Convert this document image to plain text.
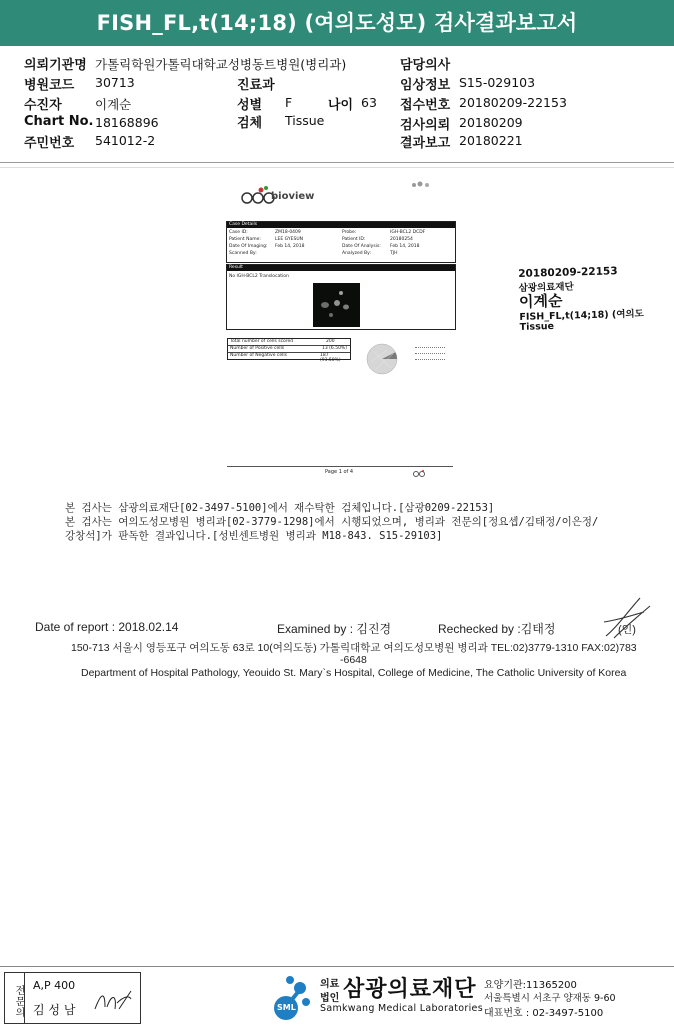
FISH_FL,t(14;18) (여의도성모) 검사결과보고서
의뢰기관명 가톨릭학원가톨릭대학교성병동트병원(병리과)	담당의사
병원코드 30713	진료과	임상정보 S15-029103
수진자	이계순	성별 F	나이 63 접수번호 20180209-22153
Chart No. 18168896	검체 Tissue	검사의뢰 20180209
주민번호 541012-2	결과보고 20180221
bioview
Case Details
Case ID:	ZM18-0409	Probe:	IGH-BCL2 DCDF
Patient Name:	LEE GYESUN	Patient ID:	20180254
Date Of Imaging: Feb 14, 2018	Date Of Analysis: Feb 14, 2018
Scanned By:	Analyzed By:	TJH
Result
No IGH-BCL2 Translocation
Total number of cells scored	200
Number of Positive cells	13 (6.50%)
Number of Negative cells	187 (93.50%)
Page 1 of 4
20180209-22153
삼광의료재단
이계순
FISH_FL,t(14;18) (여의도
Tissue
본 검사는 삼광의료재단[02-3497-5100]에서 재수탁한 검체입니다.[삼광0209-22153]
본 검사는 여의도성모병원 병리과[02-3779-1298]에서 시행되었으며, 병리과 전문의[정요셉/김태정/이은정/
강창석]가 판독한 결과입니다.[성빈센트병원 병리과 M18-843. S15-29103]
Date of report : 2018.02.14	Examined by : 김진경	Rechecked by :김태정	(인)
150-713 서울시 영등포구 여의도동 63로 10(여의도동) 가톨릭대학교 여의도성모병원 병리과 TEL:02)3779-1310 FAX:02)783
-6648
Department of Hospital Pathology, Yeouido St. Mary`s Hospital, College of Medicine, The Catholic University of Korea
전문의 A,P 400
김 성 남	SML
의료
법인 삼광의료재단
Samkwang Medical Laboratories
요양기관:11365200
서울특별시 서초구 양재동 9-60
대표번호 : 02-3497-5100
